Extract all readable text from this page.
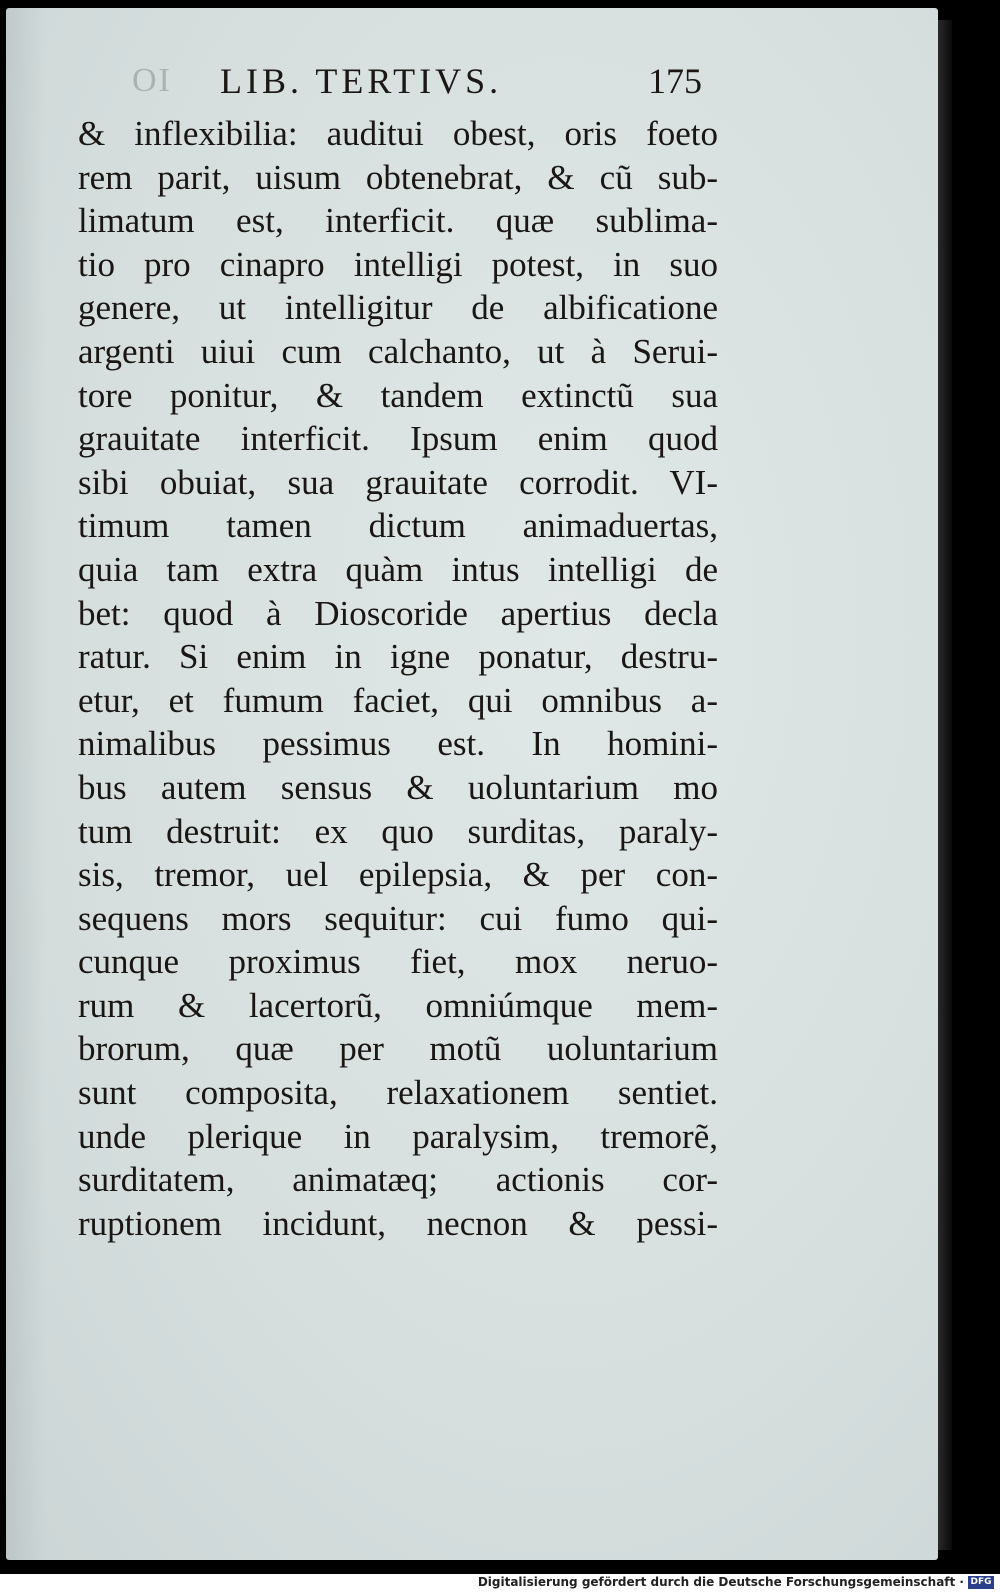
OI LIB. TERTIVS.	175
& inflexibilia: auditui obest, oris foeto
rem parit, uisum obtenebrat, & cũ sub-
limatum est, interficit. quæ sublima-
tio pro cinapro intelligi potest, in suo
genere, ut intelligitur de albificatione
argenti uiui cum calchanto, ut à Serui-
tore ponitur, & tandem extinctũ sua
grauitate interficit. Ipsum enim quod
sibi obuiat, sua grauitate corrodit. VI-
timum tamen dictum animaduertas,
quia tam extra quàm intus intelligi de
bet: quod à Dioscoride apertius decla
ratur. Si enim in igne ponatur, destru-
etur, et fumum faciet, qui omnibus a-
nimalibus pessimus est. In homini-
bus autem sensus & uoluntarium mo
tum destruit: ex quo surditas, paraly-
sis, tremor, uel epilepsia, & per con-
sequens mors sequitur: cui fumo qui-
cunque proximus fiet, mox neruo-
rum & lacertorũ, omniúmque mem-
brorum, quæ per motũ uoluntarium
sunt composita, relaxationem sentiet.
unde plerique in paralysim, tremorẽ,
surditatem, animatæq; actionis cor-
ruptionem incidunt, necnon & pessi-
Digitalisierung gefördert durch die Deutsche Forschungsgemeinschaft · DFG
